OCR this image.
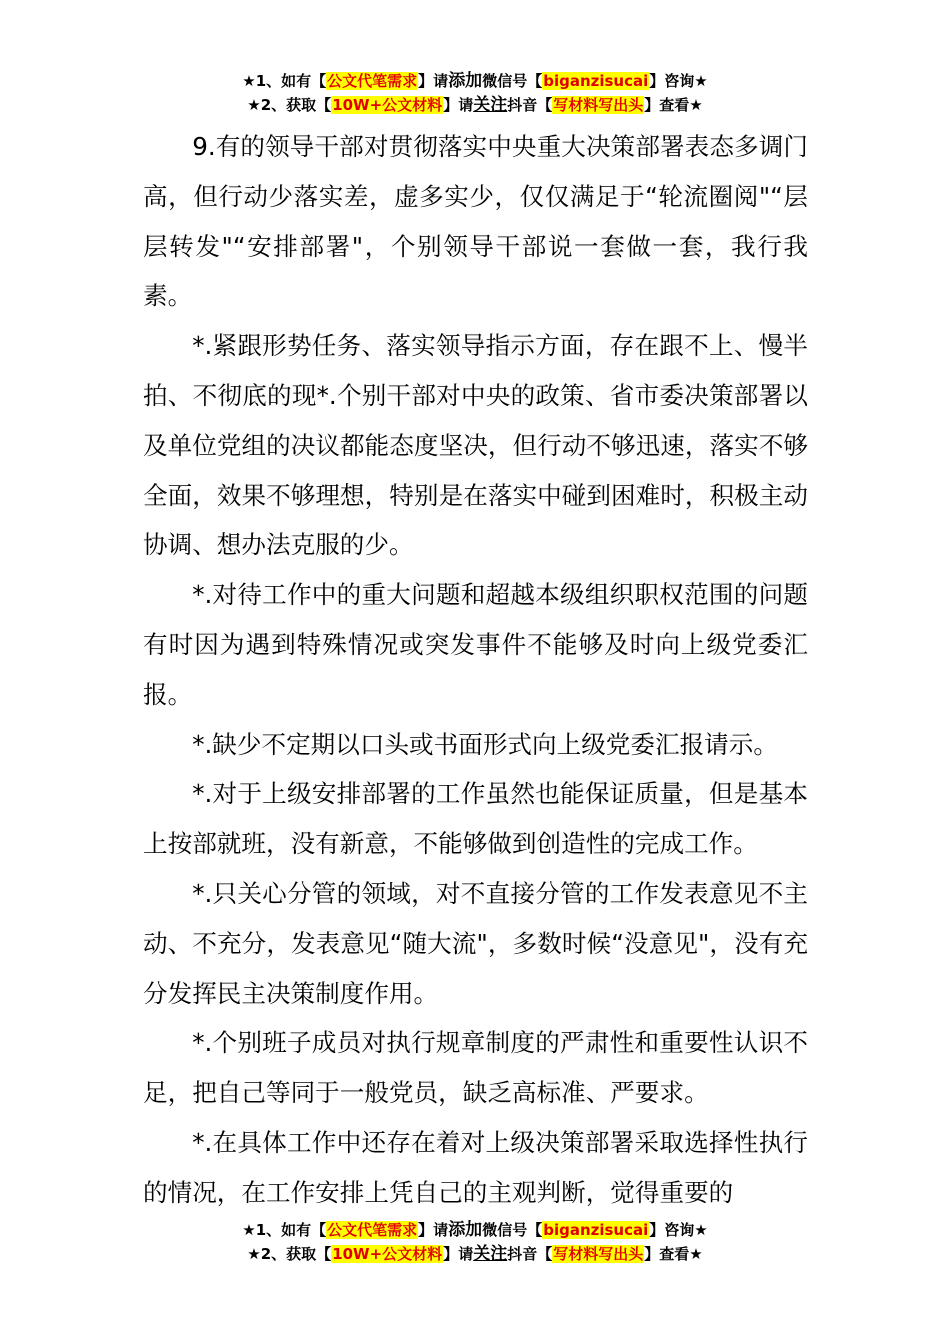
★1、如有【公文代笔需求】请添加微信号【biganzisucai】咨询★
★2、获取【10W+公文材料】请关注抖音【写材料写出头】查看★

9.有的领导干部对贯彻落实中央重大决策部署表态多调门高，但行动少落实差，虚多实少，仅仅满足于“轮流圈阅"“层层转发"“安排部署"，个别领导干部说一套做一套，我行我素。

*.紧跟形势任务、落实领导指示方面，存在跟不上、慢半拍、不彻底的现*.个别干部对中央的政策、省市委决策部署以及单位党组的决议都能态度坚决，但行动不够迅速，落实不够全面，效果不够理想，特别是在落实中碰到困难时，积极主动协调、想办法克服的少。

*.对待工作中的重大问题和超越本级组织职权范围的问题有时因为遇到特殊情况或突发事件不能够及时向上级党委汇报。

*.缺少不定期以口头或书面形式向上级党委汇报请示。

*.对于上级安排部署的工作虽然也能保证质量，但是基本上按部就班，没有新意，不能够做到创造性的完成工作。

*.只关心分管的领域，对不直接分管的工作发表意见不主动、不充分，发表意见“随大流"，多数时候“没意见"，没有充分发挥民主决策制度作用。

*.个别班子成员对执行规章制度的严肃性和重要性认识不足，把自己等同于一般党员，缺乏高标准、严要求。

*.在具体工作中还存在着对上级决策部署采取选择性执行的情况，在工作安排上凭自己的主观判断，觉得重要的

★1、如有【公文代笔需求】请添加微信号【biganzisucai】咨询★
★2、获取【10W+公文材料】请关注抖音【写材料写出头】查看★
